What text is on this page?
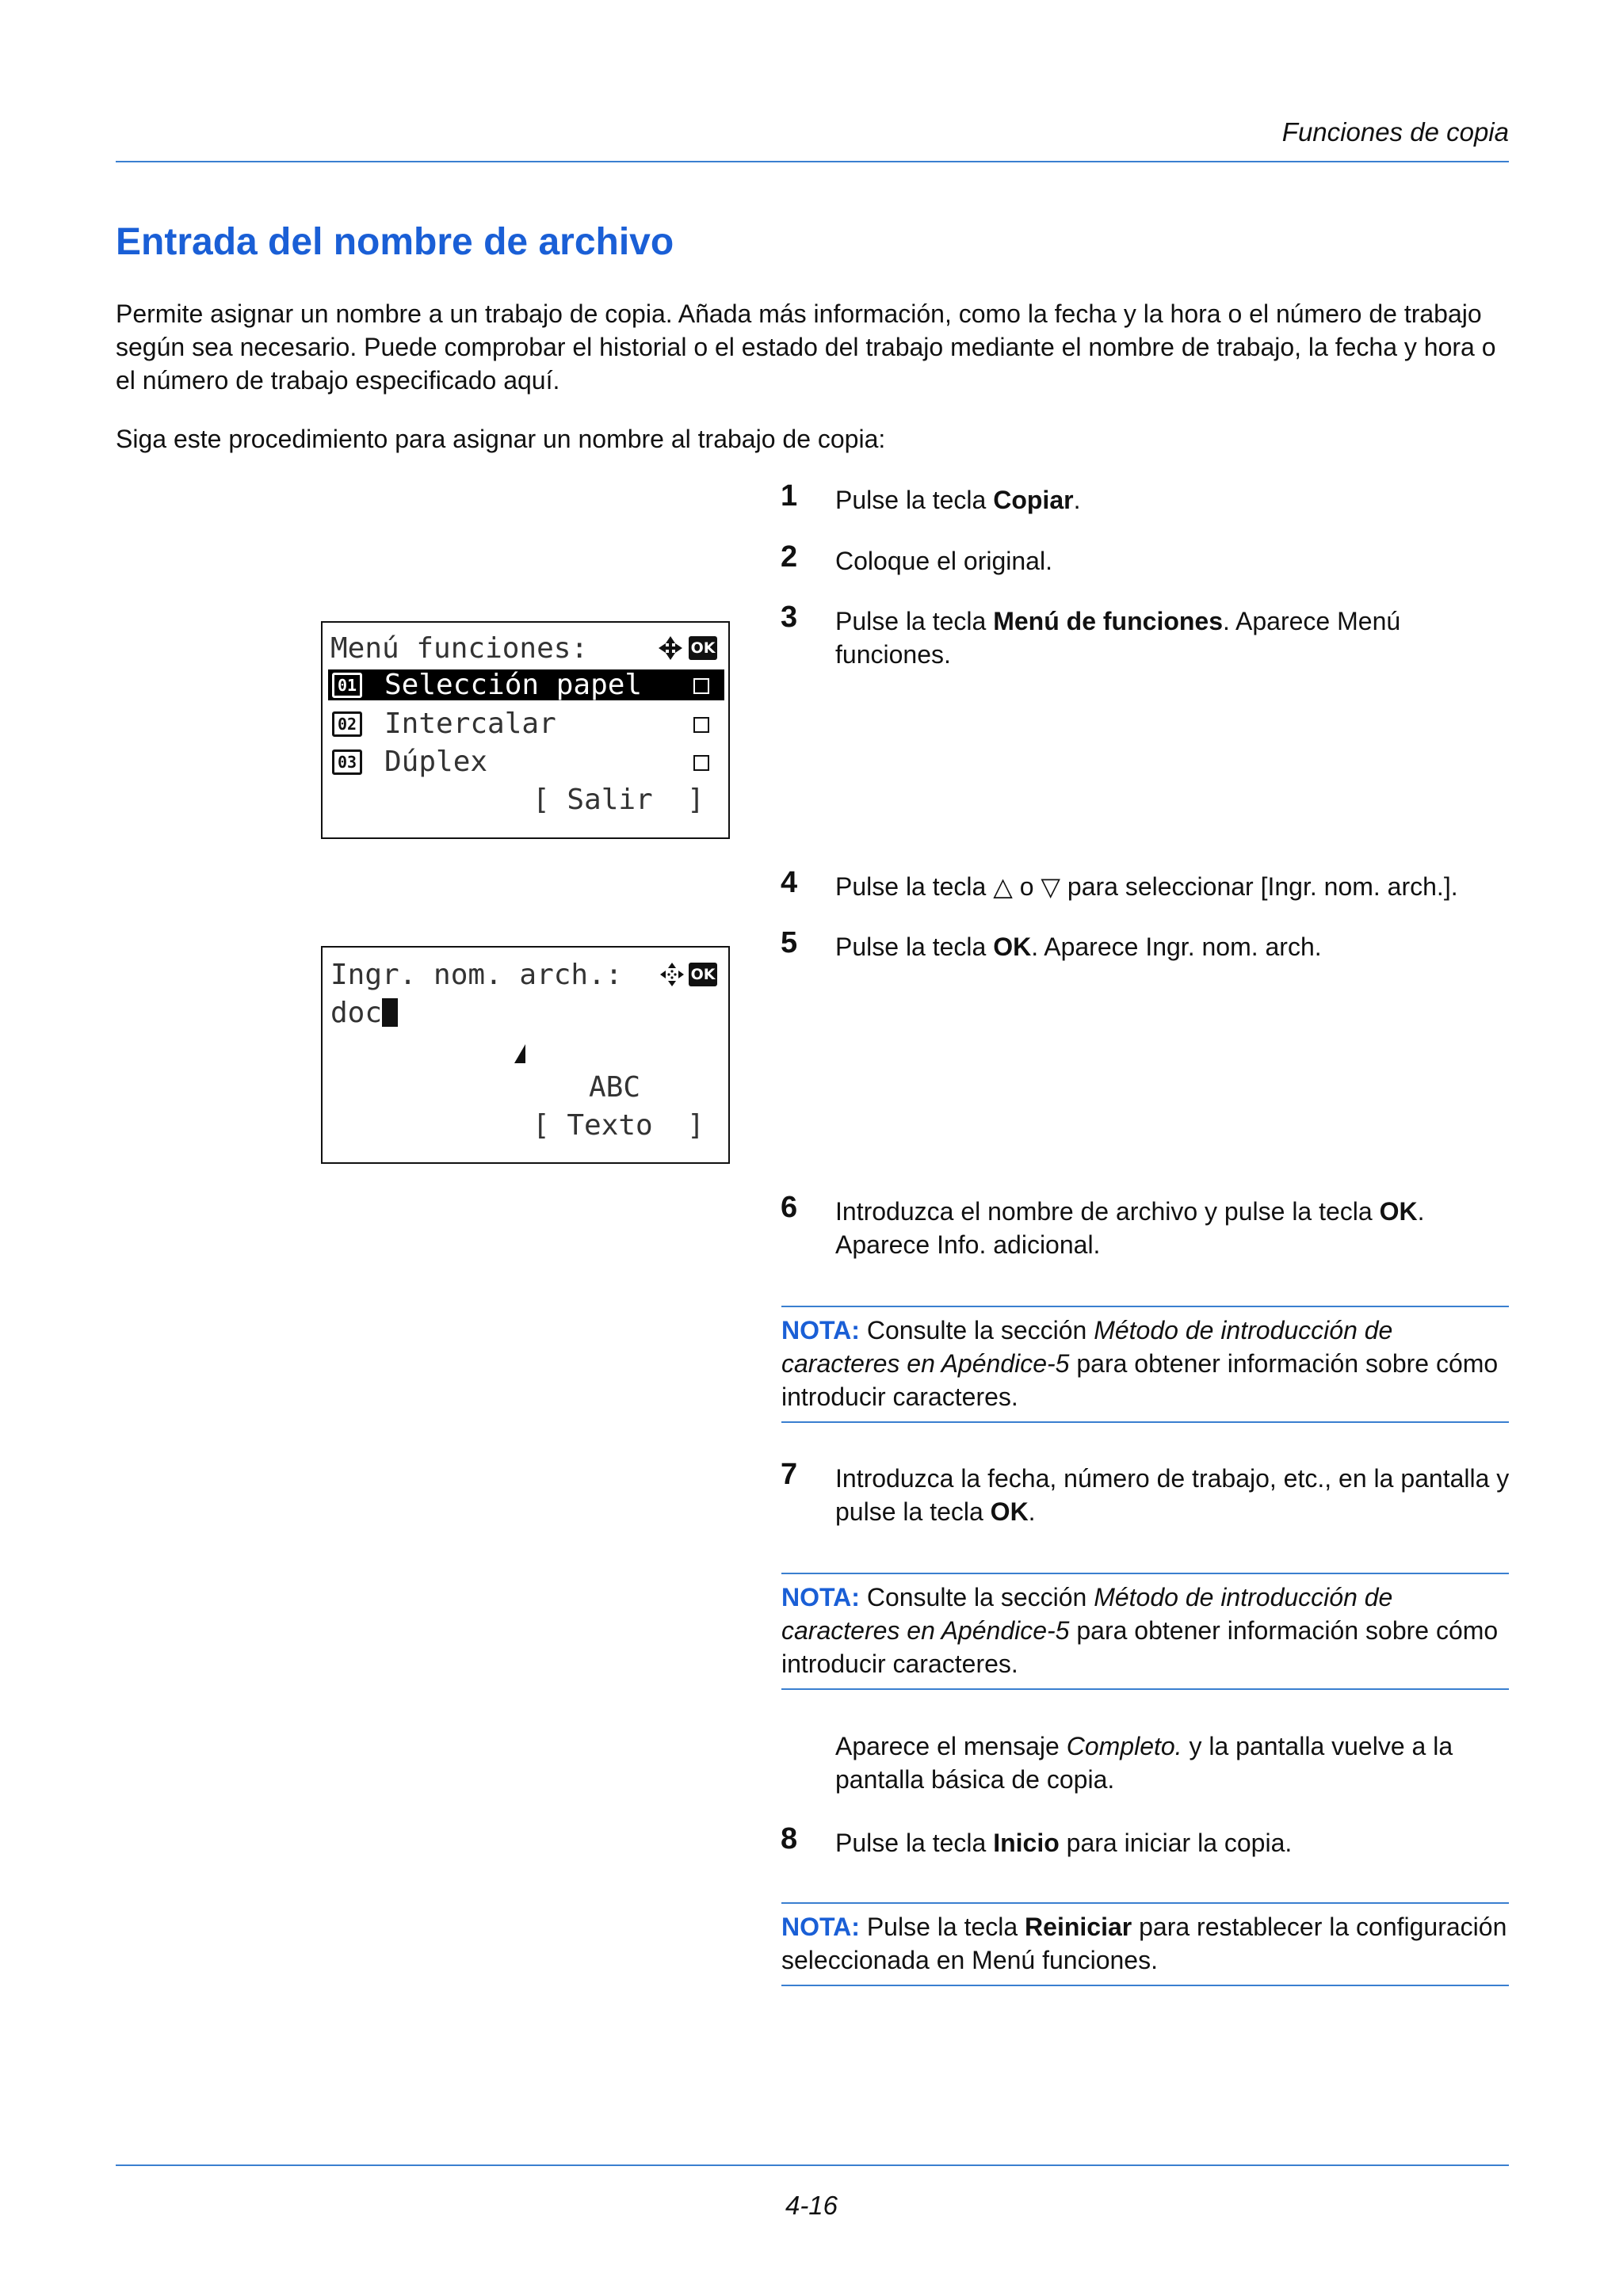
Funciones de copia
Entrada del nombre de archivo

Permite asignar un nombre a un trabajo de copia. Añada más información, como la fecha y la hora o el número de trabajo según sea necesario. Puede comprobar el historial o el estado del trabajo mediante el nombre de trabajo, la fecha y hora o el número de trabajo especificado aquí.

Siga este procedimiento para asignar un nombre al trabajo de copia:

1 Pulse la tecla Copiar.
2 Coloque el original.
3 Pulse la tecla Menú de funciones. Aparece Menú funciones.
Menú funciones:	OK
01 Selección papel
02 Intercalar
03 Dúplex
[ Salir  ]
4 Pulse la tecla △ o ▽ para seleccionar [Ingr. nom. arch.].
5 Pulse la tecla OK. Aparece Ingr. nom. arch.
Ingr. nom. arch.:	OK
doc
ABC
[ Texto  ]
6 Introduzca el nombre de archivo y pulse la tecla OK. Aparece Info. adicional.
NOTA: Consulte la sección Método de introducción de caracteres en Apéndice-5 para obtener información sobre cómo introducir caracteres.
7 Introduzca la fecha, número de trabajo, etc., en la pantalla y pulse la tecla OK.
NOTA: Consulte la sección Método de introducción de caracteres en Apéndice-5 para obtener información sobre cómo introducir caracteres.
Aparece el mensaje Completo. y la pantalla vuelve a la pantalla básica de copia.
8 Pulse la tecla Inicio para iniciar la copia.
NOTA: Pulse la tecla Reiniciar para restablecer la configuración seleccionada en Menú funciones.
4-16
